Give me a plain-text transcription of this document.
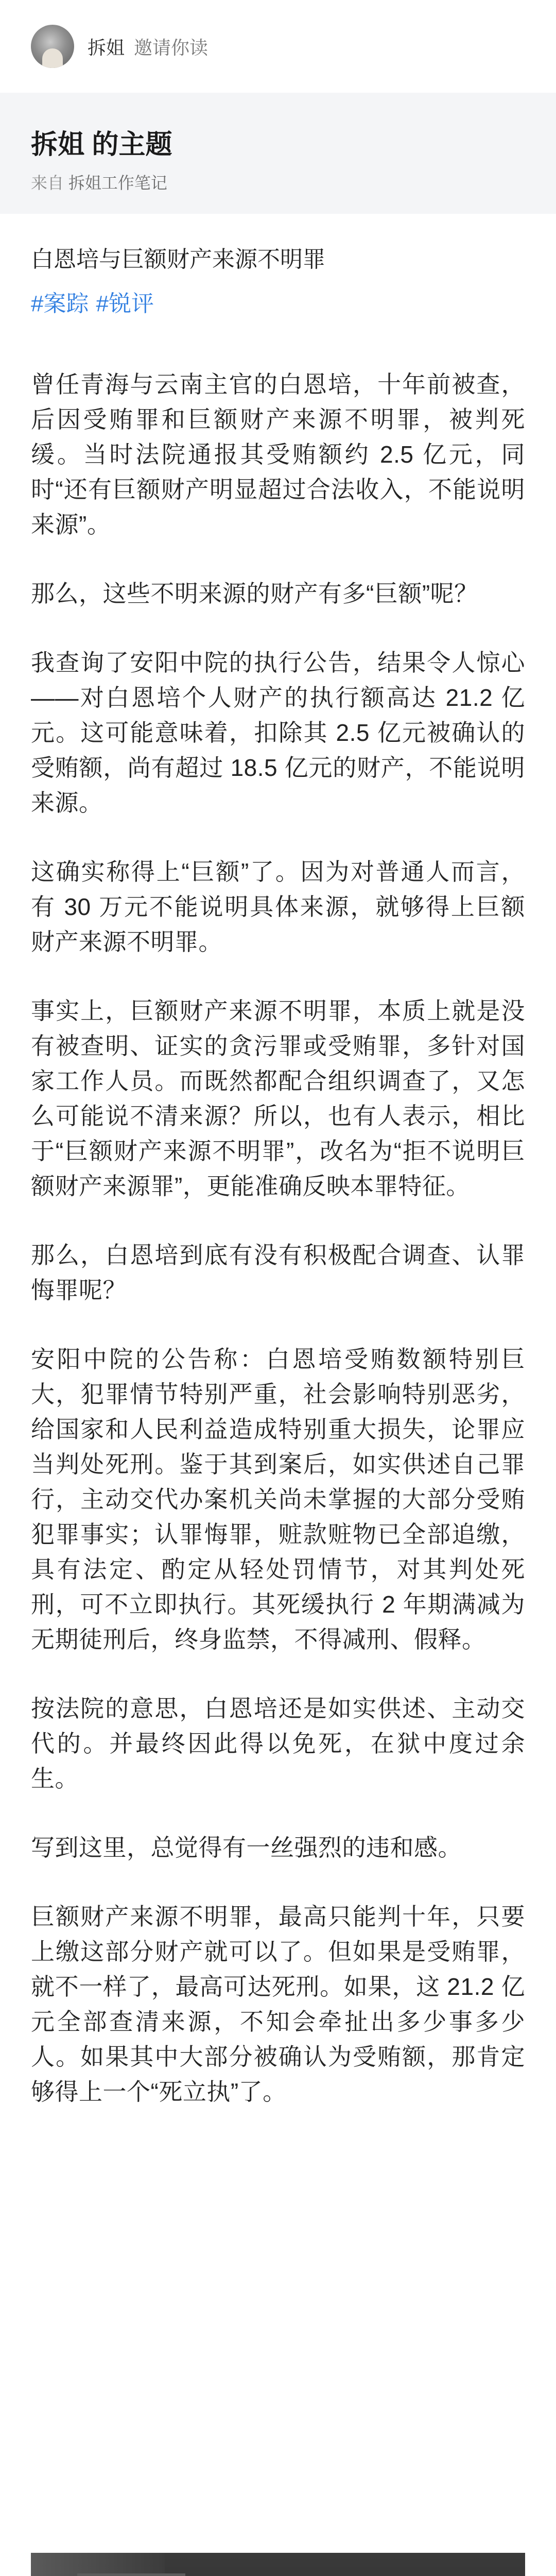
拆姐 邀请你读
拆姐 的主题
来自 拆姐工作笔记

白恩培与巨额财产来源不明罪

#案踪 #锐评

曾任青海与云南主官的白恩培，十年前被查，后因受贿罪和巨额财产来源不明罪，被判死缓。当时法院通报其受贿额约 2.5 亿元，同时“还有巨额财产明显超过合法收入，不能说明来源”。

那么，这些不明来源的财产有多“巨额”呢？

我查询了安阳中院的执行公告，结果令人惊心——对白恩培个人财产的执行额高达 21.2 亿元。这可能意味着，扣除其 2.5 亿元被确认的受贿额，尚有超过 18.5 亿元的财产，不能说明来源。

这确实称得上“巨额”了。因为对普通人而言，有 30 万元不能说明具体来源，就够得上巨额财产来源不明罪。

事实上，巨额财产来源不明罪，本质上就是没有被查明、证实的贪污罪或受贿罪，多针对国家工作人员。而既然都配合组织调查了，又怎么可能说不清来源？所以，也有人表示，相比于“巨额财产来源不明罪”，改名为“拒不说明巨额财产来源罪”，更能准确反映本罪特征。

那么，白恩培到底有没有积极配合调查、认罪悔罪呢？

安阳中院的公告称：白恩培受贿数额特别巨大，犯罪情节特别严重，社会影响特别恶劣，给国家和人民利益造成特别重大损失，论罪应当判处死刑。鉴于其到案后，如实供述自己罪行，主动交代办案机关尚未掌握的大部分受贿犯罪事实；认罪悔罪，赃款赃物已全部追缴，具有法定、酌定从轻处罚情节，对其判处死刑，可不立即执行。其死缓执行 2 年期满减为无期徒刑后，终身监禁，不得减刑、假释。

按法院的意思，白恩培还是如实供述、主动交代的。并最终因此得以免死，在狱中度过余生。

写到这里，总觉得有一丝强烈的违和感。

巨额财产来源不明罪，最高只能判十年，只要上缴这部分财产就可以了。但如果是受贿罪，就不一样了，最高可达死刑。如果，这 21.2 亿元全部查清来源，不知会牵扯出多少事多少人。如果其中大部分被确认为受贿额，那肯定够得上一个“死立执”了。
